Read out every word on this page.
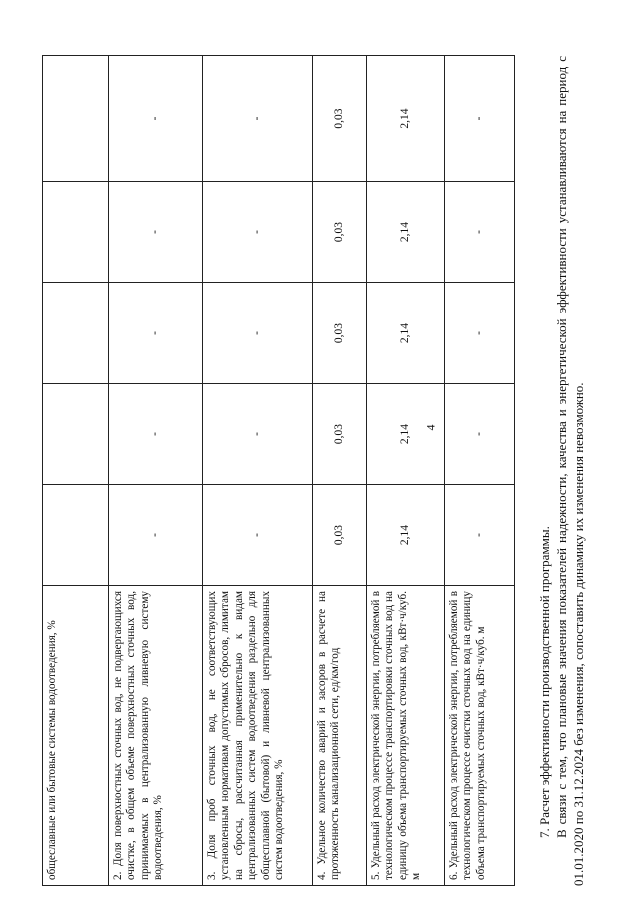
4
общеславные или бытовые системы водоотведения, %					
2. Доля поверхностных сточных вод, не подвергающихся очистке, в общем объеме поверхностных сточных вод, принимаемых в централизованную ливневую систему водоотведения, %	-	-	-	-	-
3. Доля проб сточных вод, не соответствующих установленным нормативам допустимых сбросов, лимитам на сбросы, рассчитанная применительно к видам централизованных систем водоотведения раздельно для общесплавной (бытовой) и ливневой централизованных систем водоотведения, %	-	-	-	-	-
4. Удельное количество аварий и засоров в расчете на протяженность канализационной сети, ед/км/год	0,03	0,03	0,03	0,03	0,03
5. Удельный расход электрической энергии, потребляемой в технологическом процессе транспортировки сточных вод на единицу объема транспортируемых сточных вод, кВт·ч/куб. м	2,14	2,14	2,14	2,14	2,14
6. Удельный расход электрической энергии, потребляемой в технологическом процессе очистки сточных вод на единицу объема транспортируемых сточных вод, кВт·ч/куб. м	-	-	-	-	-
7. Расчет эффективности производственной программы. В связи с тем, что плановые значения показателей надежности, качества и энергетической эффективности устанавливаются на период с 01.01.2020 по 31.12.2024 без изменения, сопоставить динамику их изменения невозможно.
